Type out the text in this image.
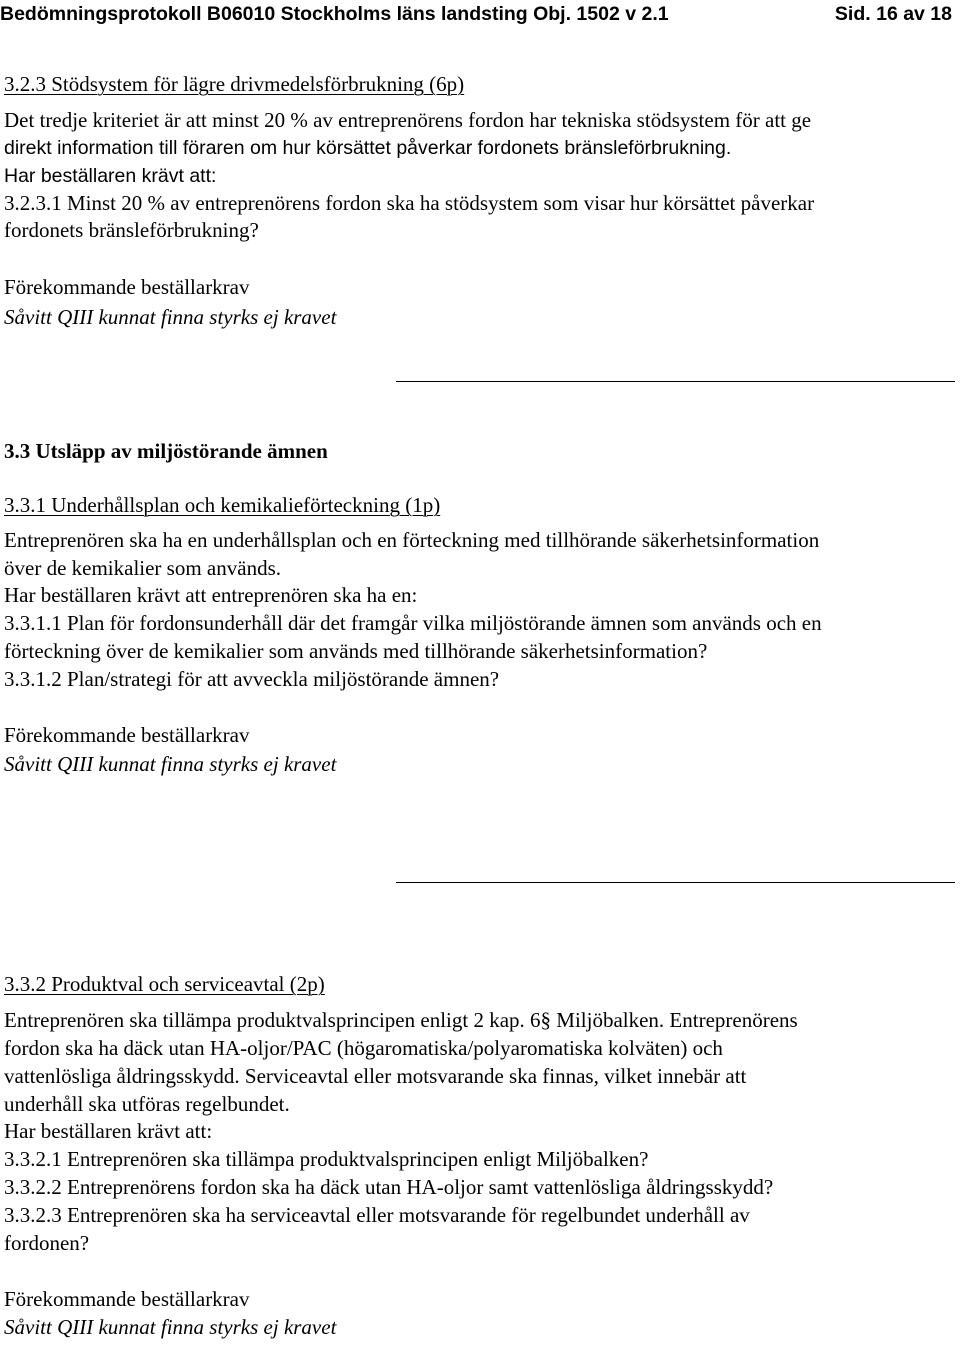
Bedömningsprotokoll B06010 Stockholms läns landsting Obj. 1502 v 2.1	Sid. 16 av 18
3.2.3 Stödsystem för lägre drivmedelsförbrukning (6p)
Det tredje kriteriet är att minst 20 % av entreprenörens fordon har tekniska stödsystem för att ge
direkt information till föraren om hur körsättet påverkar fordonets bränsleförbrukning.
Har beställaren krävt att:
3.2.3.1 Minst 20 % av entreprenörens fordon ska ha stödsystem som visar hur körsättet påverkar
fordonets bränsleförbrukning?
Förekommande beställarkrav
Såvitt QIII kunnat finna styrks ej kravet
3.3 Utsläpp av miljöstörande ämnen
3.3.1 Underhållsplan och kemikalieförteckning (1p)
Entreprenören ska ha en underhållsplan och en förteckning med tillhörande säkerhetsinformation
över de kemikalier som används.
Har beställaren krävt att entreprenören ska ha en:
3.3.1.1 Plan för fordonsunderhåll där det framgår vilka miljöstörande ämnen som används och en
förteckning över de kemikalier som används med tillhörande säkerhetsinformation?
3.3.1.2 Plan/strategi för att avveckla miljöstörande ämnen?
Förekommande beställarkrav
Såvitt QIII kunnat finna styrks ej kravet
3.3.2 Produktval och serviceavtal (2p)
Entreprenören ska tillämpa produktvalsprincipen enligt 2 kap. 6§ Miljöbalken. Entreprenörens
fordon ska ha däck utan HA-oljor/PAC (högaromatiska/polyaromatiska kolväten) och
vattenlösliga åldringsskydd. Serviceavtal eller motsvarande ska finnas, vilket innebär att
underhåll ska utföras regelbundet.
Har beställaren krävt att:
3.3.2.1 Entreprenören ska tillämpa produktvalsprincipen enligt Miljöbalken?
3.3.2.2 Entreprenörens fordon ska ha däck utan HA-oljor samt vattenlösliga åldringsskydd?
3.3.2.3 Entreprenören ska ha serviceavtal eller motsvarande för regelbundet underhåll av
fordonen?
Förekommande beställarkrav
Såvitt QIII kunnat finna styrks ej kravet
